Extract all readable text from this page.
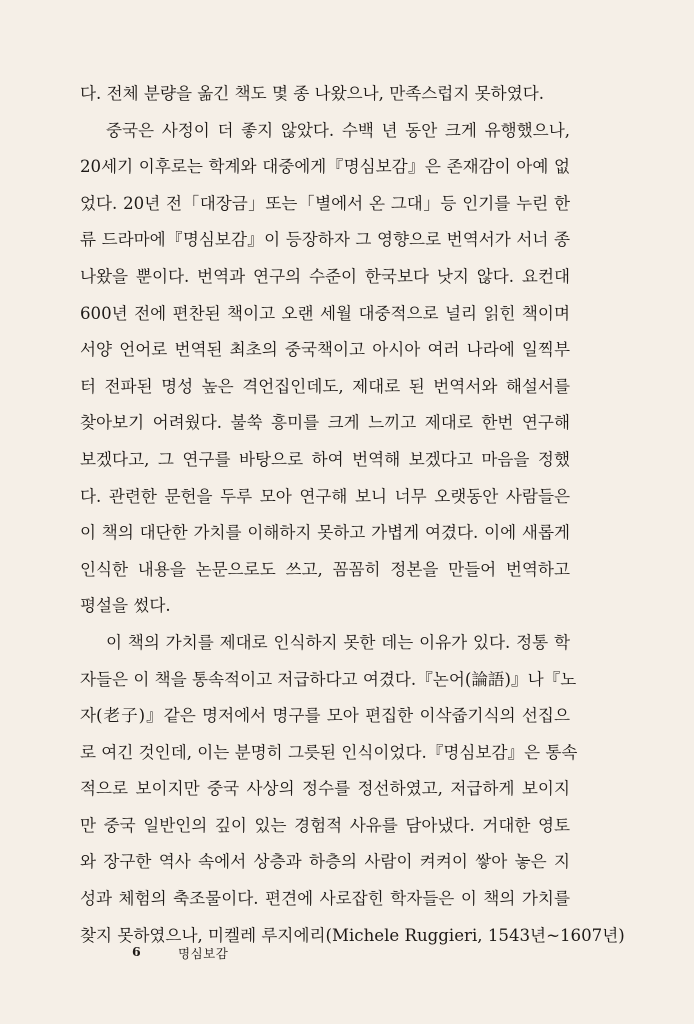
다. 전체 분량을 옮긴 책도 몇 종 나왔으나, 만족스럽지 못하였다.
중국은 사정이 더 좋지 않았다. 수백 년 동안 크게 유행했으나,
20세기 이후로는 학계와 대중에게『명심보감』은 존재감이 아예 없
었다. 20년 전「대장금」또는「별에서 온 그대」등 인기를 누린 한
류 드라마에『명심보감』이 등장하자 그 영향으로 번역서가 서너 종
나왔을 뿐이다. 번역과 연구의 수준이 한국보다 낫지 않다. 요컨대
600년 전에 편찬된 책이고 오랜 세월 대중적으로 널리 읽힌 책이며
서양 언어로 번역된 최초의 중국책이고 아시아 여러 나라에 일찍부
터 전파된 명성 높은 격언집인데도, 제대로 된 번역서와 해설서를
찾아보기 어려웠다. 불쑥 흥미를 크게 느끼고 제대로 한번 연구해
보겠다고, 그 연구를 바탕으로 하여 번역해 보겠다고 마음을 정했
다. 관련한 문헌을 두루 모아 연구해 보니 너무 오랫동안 사람들은
이 책의 대단한 가치를 이해하지 못하고 가볍게 여겼다. 이에 새롭게
인식한 내용을 논문으로도 쓰고, 꼼꼼히 정본을 만들어 번역하고
평설을 썼다.
이 책의 가치를 제대로 인식하지 못한 데는 이유가 있다. 정통 학
자들은 이 책을 통속적이고 저급하다고 여겼다.『논어(論語)』나『노
자(老子)』같은 명저에서 명구를 모아 편집한 이삭줍기식의 선집으
로 여긴 것인데, 이는 분명히 그릇된 인식이었다.『명심보감』은 통속
적으로 보이지만 중국 사상의 정수를 정선하였고, 저급하게 보이지
만 중국 일반인의 깊이 있는 경험적 사유를 담아냈다. 거대한 영토
와 장구한 역사 속에서 상층과 하층의 사람이 켜켜이 쌓아 놓은 지
성과 체험의 축조물이다. 편견에 사로잡힌 학자들은 이 책의 가치를
찾지 못하였으나, 미켈레 루지에리(Michele Ruggieri, 1543년~1607년)
6	명심보감
